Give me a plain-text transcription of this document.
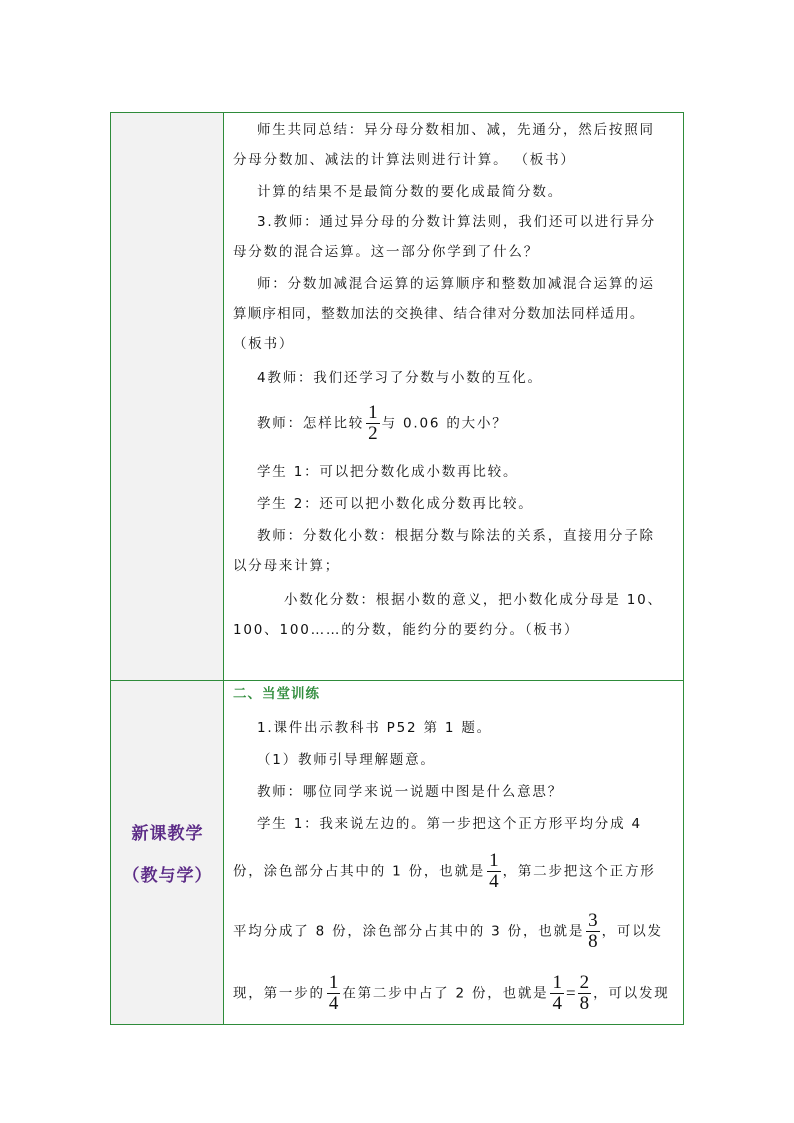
新课教学
（教与学）
师生共同总结：异分母分数相加、减，先通分，然后按照同
分母分数加、减法的计算法则进行计算。 （板书）
计算的结果不是最简分数的要化成最简分数。
3.教师：通过异分母的分数计算法则，我们还可以进行异分
母分数的混合运算。这一部分你学到了什么？
师：分数加减混合运算的运算顺序和整数加减混合运算的运
算顺序相同，整数加法的交换律、结合律对分数加法同样适用。
（板书）
4教师：我们还学习了分数与小数的互化。
教师：怎样比较 $\frac{1}{2}$ 与 0.06 的大小？
学生 1：可以把分数化成小数再比较。
学生 2：还可以把小数化成分数再比较。
教师：分数化小数：根据分数与除法的关系，直接用分子除
以分母来计算；
小数化分数：根据小数的意义，把小数化成分母是 10、
100、100……的分数，能约分的要约分。（板书）
二、当堂训练
1.课件出示教科书 P52 第 1 题。
（1）教师引导理解题意。
教师：哪位同学来说一说题中图是什么意思？
学生 1：我来说左边的。第一步把这个正方形平均分成 4
份，涂色部分占其中的 1 份，也就是 $\frac{1}{4}$ ，第二步把这个正方形
平均分成了 8 份，涂色部分占其中的 3 份，也就是 $\frac{3}{8}$ ，可以发
现，第一步的 $\frac{1}{4}$ 在第二步中占了 2 份，也就是 $\frac{1}{4} = \frac{2}{8}$ ，可以发现
